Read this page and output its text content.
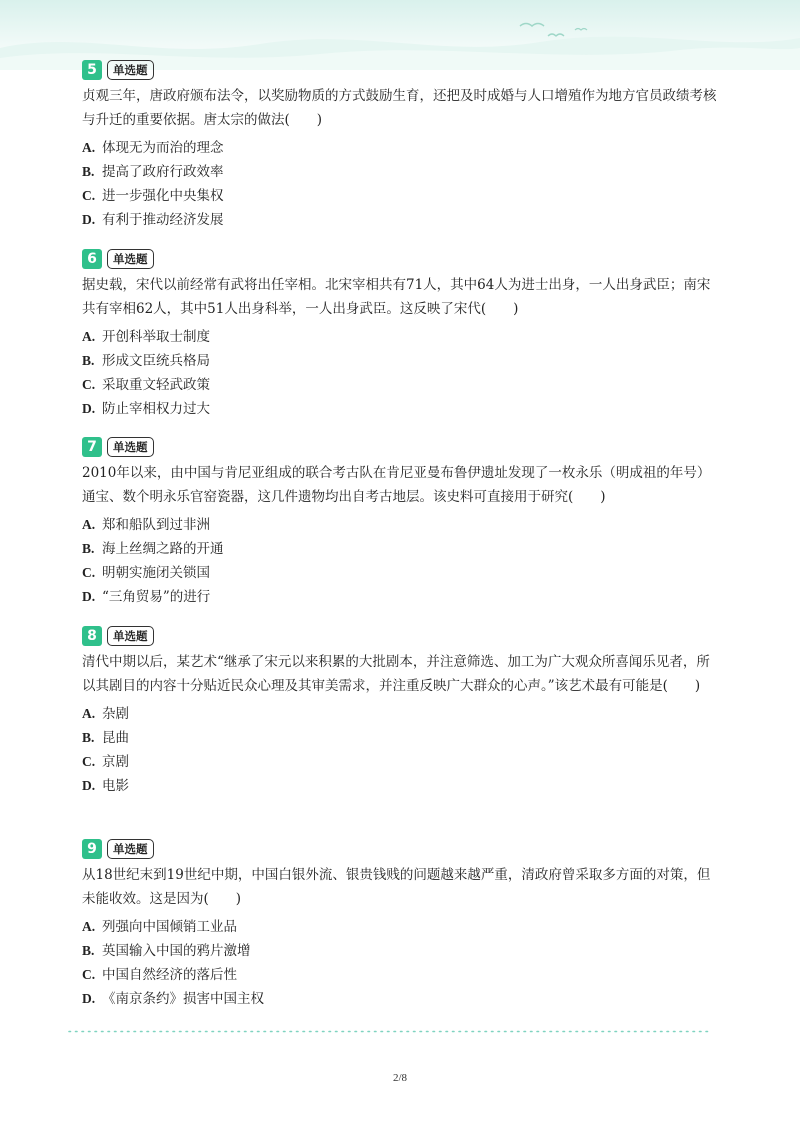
5	单选题
贞观三年，唐政府颁布法令，以奖励物质的方式鼓励生育，还把及时成婚与人口增殖作为地方官员政绩考核与升迁的重要依据。唐太宗的做法(　　)
A. 体现无为而治的理念
B. 提高了政府行政效率
C. 进一步强化中央集权
D. 有利于推动经济发展
6	单选题
据史载，宋代以前经常有武将出任宰相。北宋宰相共有71人，其中64人为进士出身，一人出身武臣；南宋共有宰相62人，其中51人出身科举，一人出身武臣。这反映了宋代(　　)
A. 开创科举取士制度
B. 形成文臣统兵格局
C. 采取重文轻武政策
D. 防止宰相权力过大
7	单选题
2010年以来，由中国与肯尼亚组成的联合考古队在肯尼亚曼布鲁伊遗址发现了一枚永乐（明成祖的年号）通宝、数个明永乐官窑瓷器，这几件遗物均出自考古地层。该史料可直接用于研究(　　)
A. 郑和船队到过非洲
B. 海上丝绸之路的开通
C. 明朝实施闭关锁国
D. “三角贸易”的进行
8	单选题
清代中期以后，某艺术“继承了宋元以来积累的大批剧本，并注意筛选、加工为广大观众所喜闻乐见者，所以其剧目的内容十分贴近民众心理及其审美需求，并注重反映广大群众的心声。”该艺术最有可能是(　　)
A. 杂剧
B. 昆曲
C. 京剧
D. 电影
9	单选题
从18世纪末到19世纪中期，中国白银外流、银贵钱贱的问题越来越严重，清政府曾采取多方面的对策，但未能收效。这是因为(　　)
A. 列强向中国倾销工业品
B. 英国输入中国的鸦片激增
C. 中国自然经济的落后性
D. 《南京条约》损害中国主权
2/8
